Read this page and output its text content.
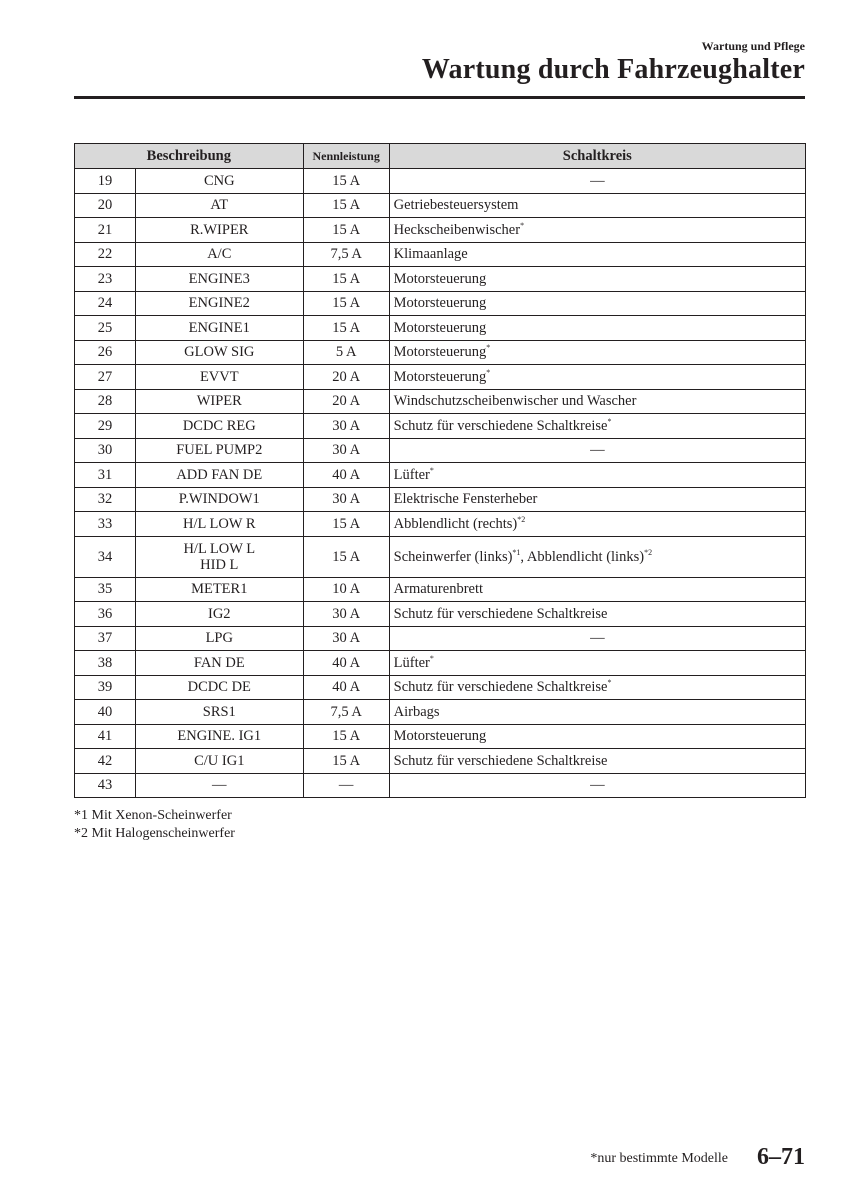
Wartung und Pflege
Wartung durch Fahrzeughalter
Beschreibung		Nennleistung	Schaltkreis
19	CNG	15 A	—
20	AT	15 A	Getriebesteuersystem
21	R.WIPER	15 A	Heckscheibenwischer*
22	A/C	7,5 A	Klimaanlage
23	ENGINE3	15 A	Motorsteuerung
24	ENGINE2	15 A	Motorsteuerung
25	ENGINE1	15 A	Motorsteuerung
26	GLOW SIG	5 A	Motorsteuerung*
27	EVVT	20 A	Motorsteuerung*
28	WIPER	20 A	Windschutzscheibenwischer und Wascher
29	DCDC REG	30 A	Schutz für verschiedene Schaltkreise*
30	FUEL PUMP2	30 A	—
31	ADD FAN DE	40 A	Lüfter*
32	P.WINDOW1	30 A	Elektrische Fensterheber
33	H/L LOW R	15 A	Abblendlicht (rechts)$^{*2}$
34	H/L LOW L
HID L	15 A	Scheinwerfer (links)$^{*1}$, Abblendlicht (links)$^{*2}$
35	METER1	10 A	Armaturenbrett
36	IG2	30 A	Schutz für verschiedene Schaltkreise
37	LPG	30 A	—
38	FAN DE	40 A	Lüfter*
39	DCDC DE	40 A	Schutz für verschiedene Schaltkreise*
40	SRS1	7,5 A	Airbags
41	ENGINE. IG1	15 A	Motorsteuerung
42	C/U IG1	15 A	Schutz für verschiedene Schaltkreise
43	—	—	—
*1 Mit Xenon-Scheinwerfer
*2 Mit Halogenscheinwerfer
*nur bestimmte Modelle 6–71
